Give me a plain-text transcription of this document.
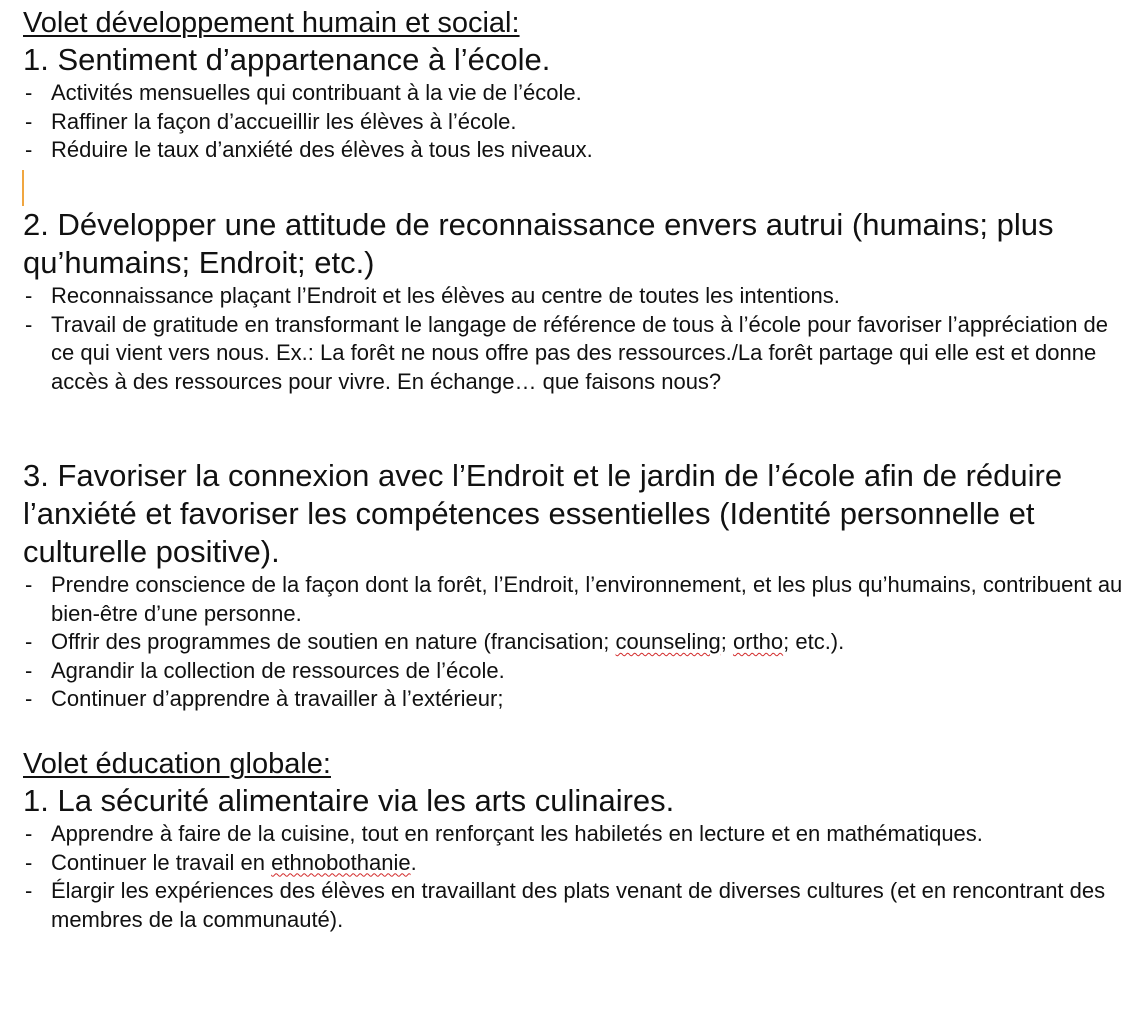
Volet développement humain et social:
1. Sentiment d’appartenance à l’école.
- Activités mensuelles qui contribuant à la vie de l’école.
- Raffiner la façon d’accueillir les élèves à l’école.
- Réduire le taux d’anxiété des élèves à tous les niveaux.
2. Développer une attitude de reconnaissance envers autrui (humains; plus qu’humains; Endroit; etc.)
- Reconnaissance plaçant l’Endroit et les élèves au centre de toutes les intentions.
- Travail de gratitude en transformant le langage de référence de tous à l’école pour favoriser l’appréciation de ce qui vient vers nous. Ex.: La forêt ne nous offre pas des ressources./La forêt partage qui elle est et donne accès à des ressources pour vivre. En échange… que faisons nous?
3. Favoriser la connexion avec l’Endroit et le jardin de l’école afin de réduire l’anxiété et favoriser les compétences essentielles (Identité personnelle et culturelle positive).
- Prendre conscience de la façon dont la forêt, l’Endroit, l’environnement, et les plus qu’humains, contribuent au bien-être d’une personne.
- Offrir des programmes de soutien en nature (francisation; counseling; ortho; etc.).
- Agrandir la collection de ressources de l’école.
- Continuer d’apprendre à travailler à l’extérieur;
Volet éducation globale:
1. La sécurité alimentaire via les arts culinaires.
- Apprendre à faire de la cuisine, tout en renforçant les habiletés en lecture et en mathématiques.
- Continuer le travail en ethnobothanie.
- Élargir les expériences des élèves en travaillant des plats venant de diverses cultures (et en rencontrant des membres de la communauté).
